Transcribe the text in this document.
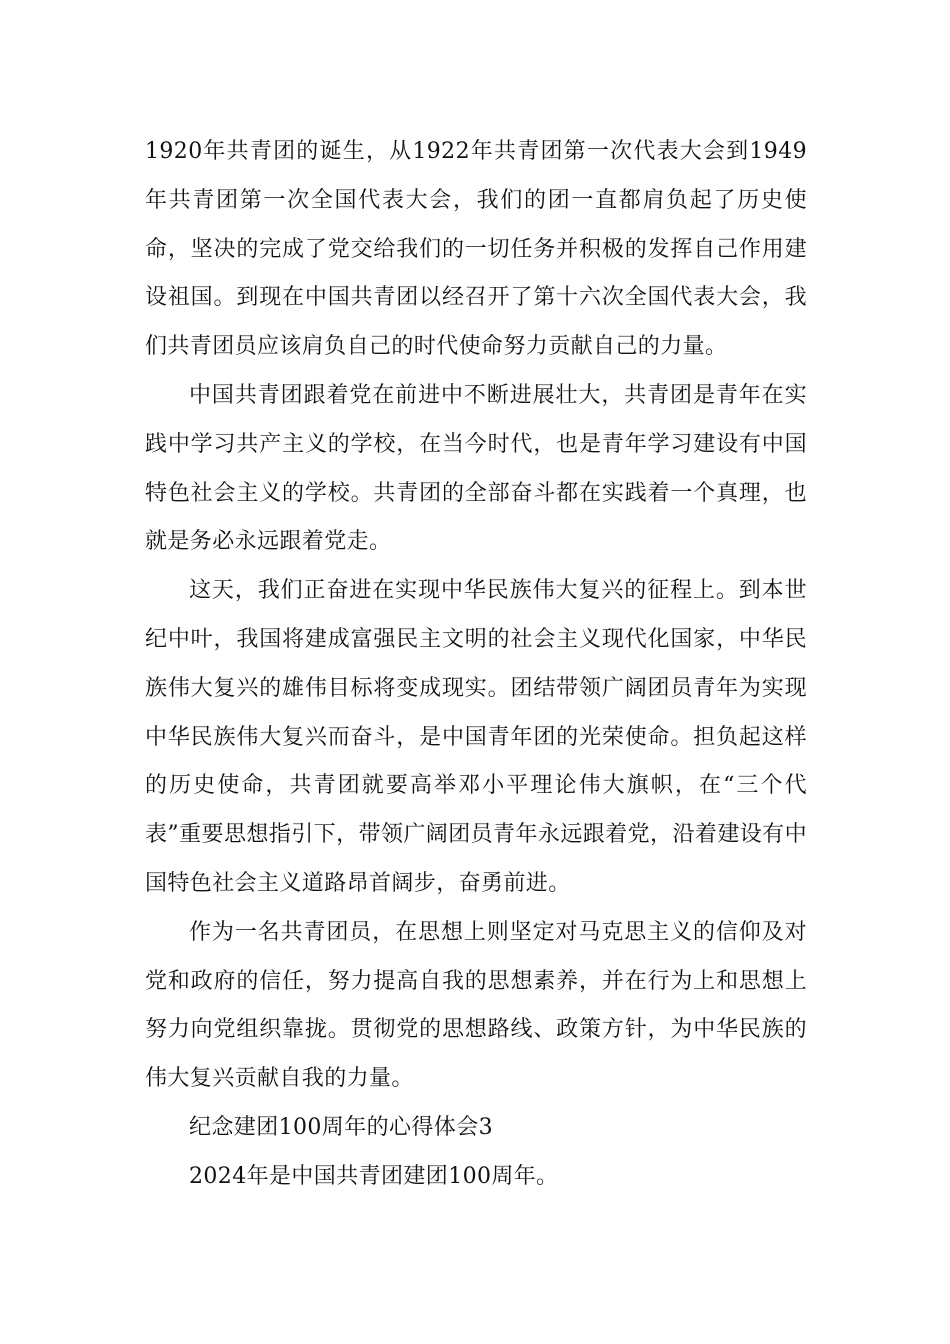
1920年共青团的诞生，从1922年共青团第一次代表大会到1949年共青团第一次全国代表大会，我们的团一直都肩负起了历史使命，坚决的完成了党交给我们的一切任务并积极的发挥自己作用建设祖国。到现在中国共青团以经召开了第十六次全国代表大会，我们共青团员应该肩负自己的时代使命努力贡献自己的力量。

中国共青团跟着党在前进中不断进展壮大，共青团是青年在实践中学习共产主义的学校，在当今时代，也是青年学习建设有中国特色社会主义的学校。共青团的全部奋斗都在实践着一个真理，也就是务必永远跟着党走。

这天，我们正奋进在实现中华民族伟大复兴的征程上。到本世纪中叶，我国将建成富强民主文明的社会主义现代化国家，中华民族伟大复兴的雄伟目标将变成现实。团结带领广阔团员青年为实现中华民族伟大复兴而奋斗，是中国青年团的光荣使命。担负起这样的历史使命，共青团就要高举邓小平理论伟大旗帜，在“三个代表”重要思想指引下，带领广阔团员青年永远跟着党，沿着建设有中国特色社会主义道路昂首阔步，奋勇前进。

作为一名共青团员，在思想上则坚定对马克思主义的信仰及对党和政府的信任，努力提高自我的思想素养，并在行为上和思想上努力向党组织靠拢。贯彻党的思想路线、政策方针，为中华民族的伟大复兴贡献自我的力量。

纪念建团100周年的心得体会3

2024年是中国共青团建团100周年。
